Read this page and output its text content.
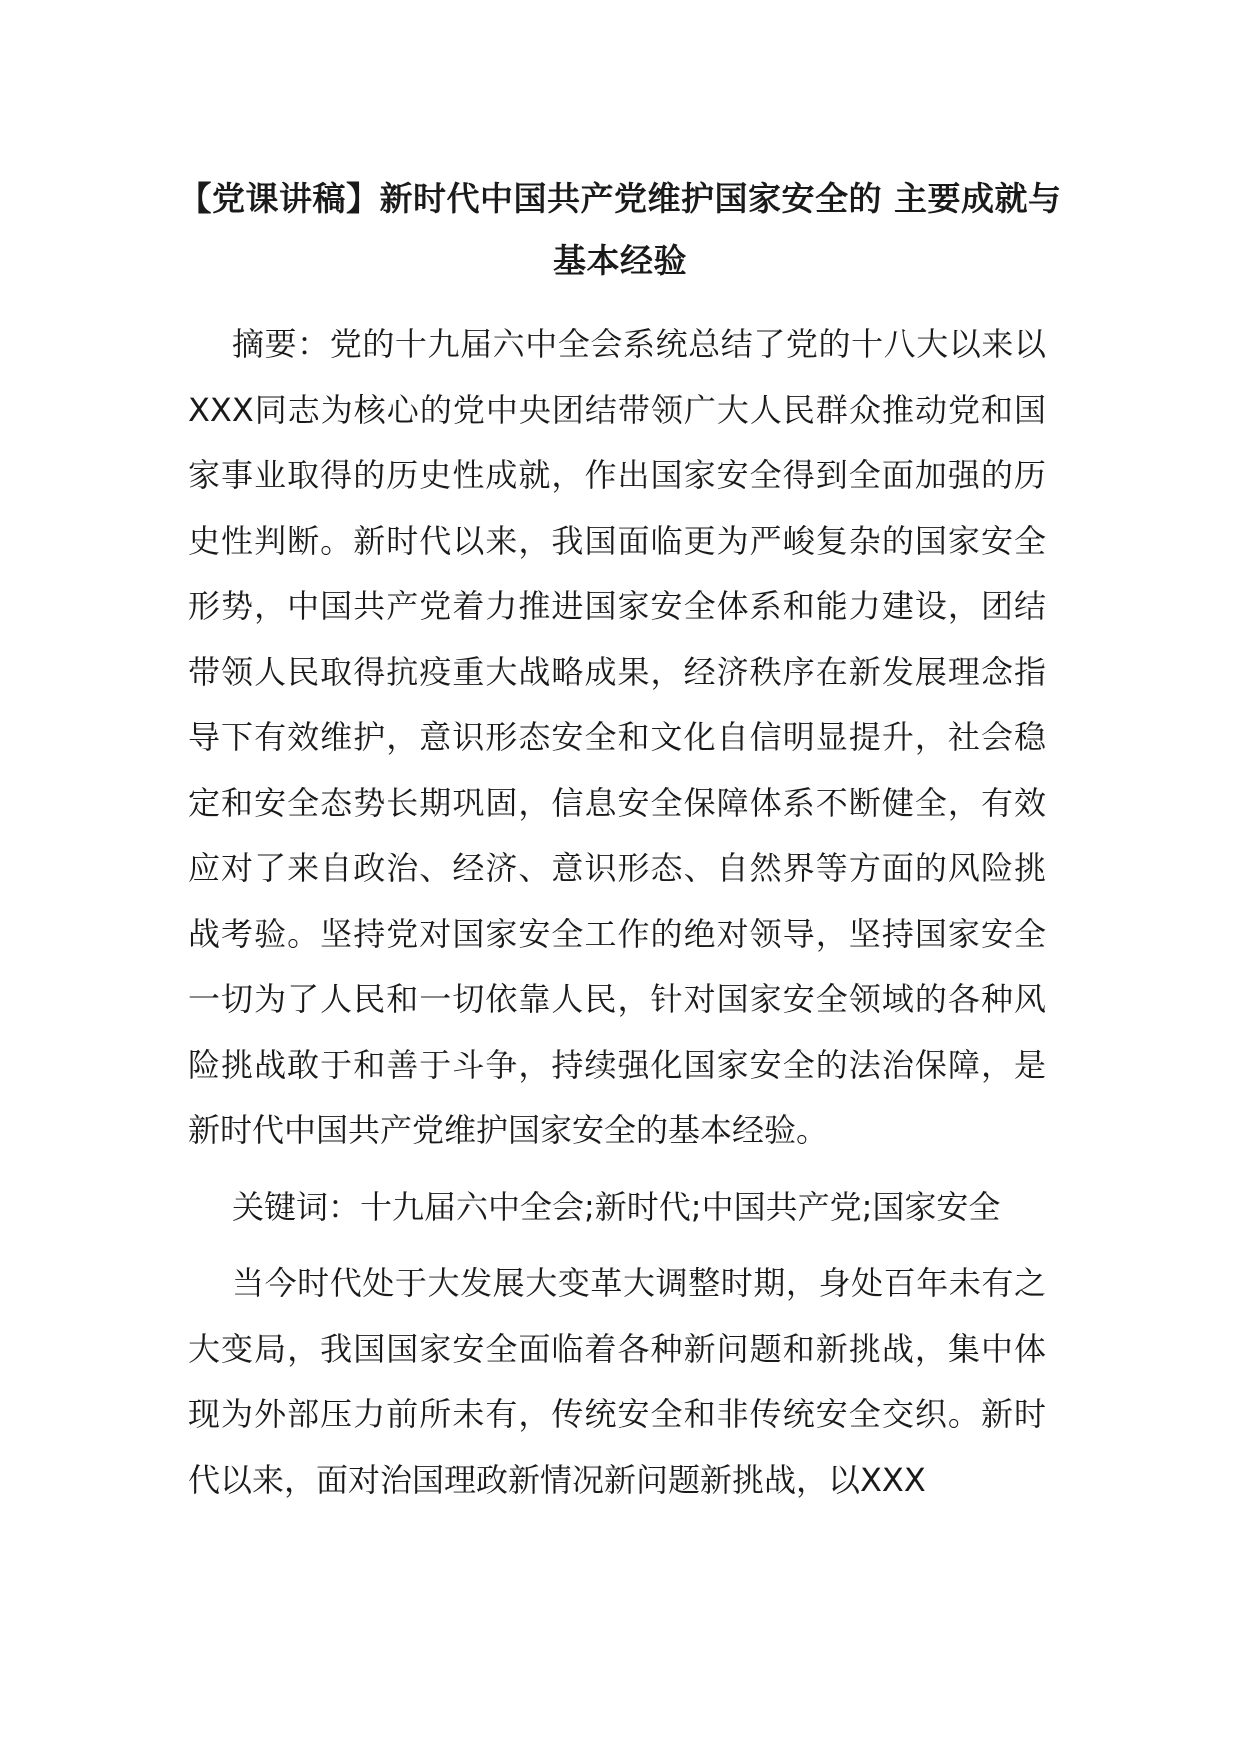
【党课讲稿】新时代中国共产党维护国家安全的 主要成就与
基本经验

摘要：党的十九届六中全会系统总结了党的十八大以来以XXX同志为核心的党中央团结带领广大人民群众推动党和国家事业取得的历史性成就，作出国家安全得到全面加强的历史性判断。新时代以来，我国面临更为严峻复杂的国家安全形势，中国共产党着力推进国家安全体系和能力建设，团结带领人民取得抗疫重大战略成果，经济秩序在新发展理念指导下有效维护，意识形态安全和文化自信明显提升，社会稳定和安全态势长期巩固，信息安全保障体系不断健全，有效应对了来自政治、经济、意识形态、自然界等方面的风险挑战考验。坚持党对国家安全工作的绝对领导，坚持国家安全一切为了人民和一切依靠人民，针对国家安全领域的各种风险挑战敢于和善于斗争，持续强化国家安全的法治保障，是新时代中国共产党维护国家安全的基本经验。

关键词：十九届六中全会;新时代;中国共产党;国家安全

当今时代处于大发展大变革大调整时期，身处百年未有之大变局，我国国家安全面临着各种新问题和新挑战，集中体现为外部压力前所未有，传统安全和非传统安全交织。新时代以来，面对治国理政新情况新问题新挑战，以XXX
